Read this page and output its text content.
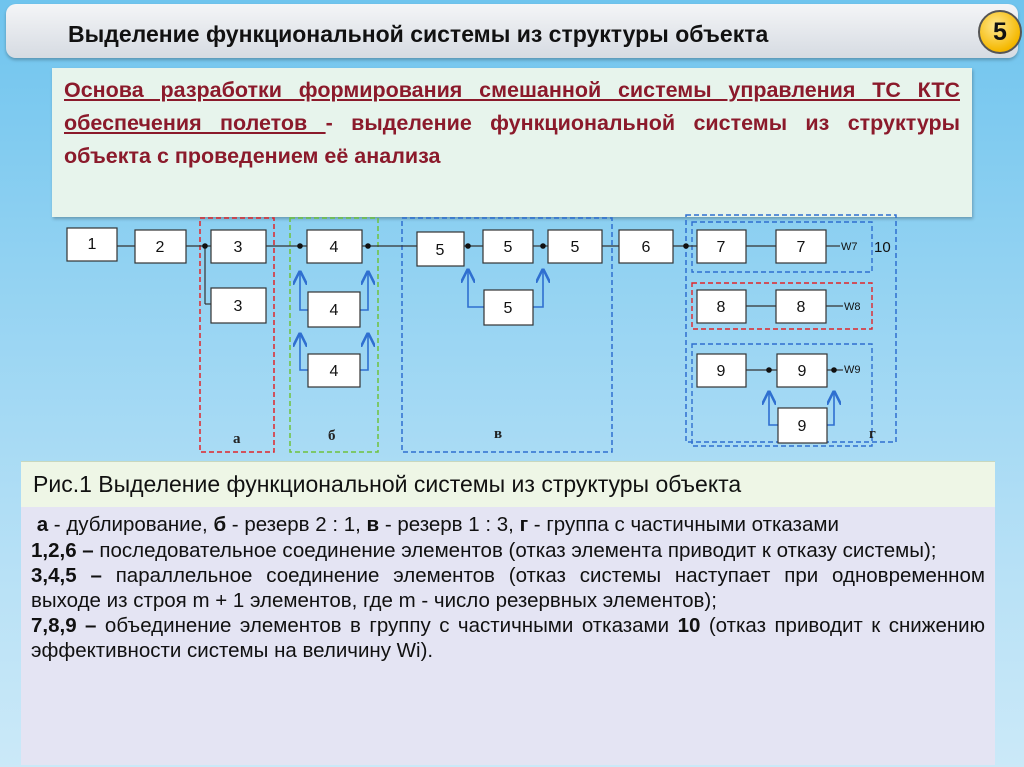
Выделение функциональной системы из структуры объекта	5
Основа разработки формирования смешанной системы управления ТС КТС обеспечения полетов - выделение функциональной системы из структуры объекта с проведением её анализа
1	2	3
3
4
4
4
5	5	5
5
6	7	7
8	8
9	9
9
W7
W8
W9
10
а	б	в	г
Рис.1 Выделение функциональной системы из структуры объекта

а - дублирование, б - резерв 2 : 1, в - резерв 1 : 3, г - группа с частичными отказами

1,2,6 – последовательное соединение элементов (отказ элемента приводит к отказу системы);

3,4,5 – параллельное соединение элементов (отказ системы наступает при одновременном выходе из строя m + 1 элементов, где m - число резервных элементов);

7,8,9 – объединение элементов в группу с частичными отказами 10 (отказ приводит к снижению эффективности системы на величину Wi).
